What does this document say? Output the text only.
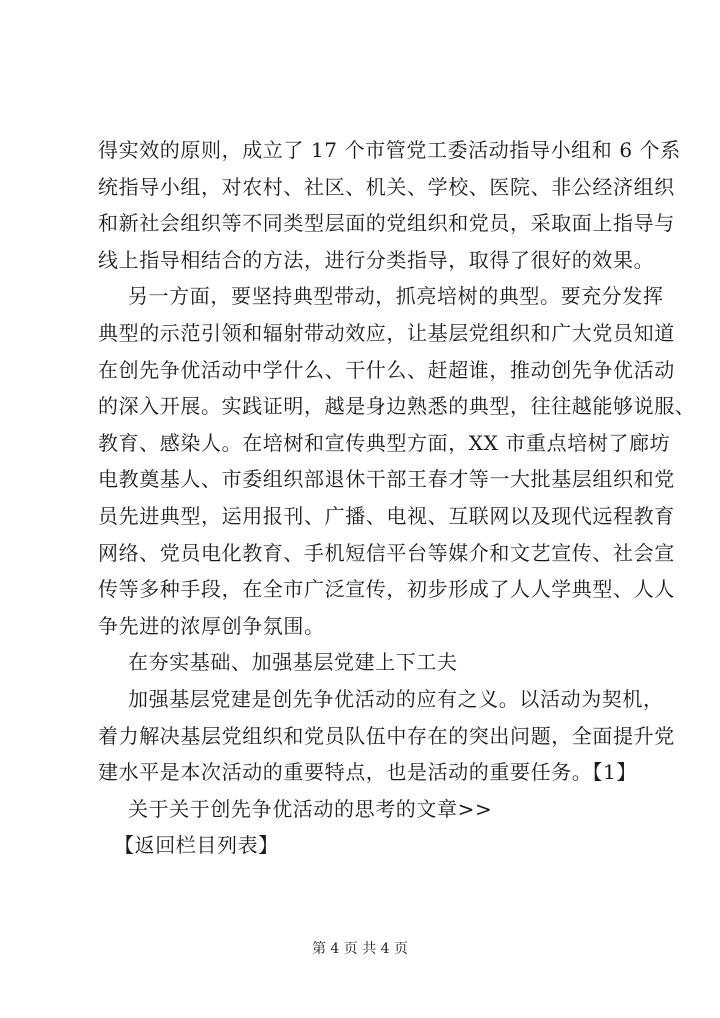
得实效的原则，成立了 17 个市管党工委活动指导小组和 6 个系
统指导小组，对农村、社区、机关、学校、医院、非公经济组织
和新社会组织等不同类型层面的党组织和党员，采取面上指导与
线上指导相结合的方法，进行分类指导，取得了很好的效果。
另一方面，要坚持典型带动，抓亮培树的典型。要充分发挥
典型的示范引领和辐射带动效应，让基层党组织和广大党员知道
在创先争优活动中学什么、干什么、赶超谁，推动创先争优活动
的深入开展。实践证明，越是身边熟悉的典型，往往越能够说服、
教育、感染人。在培树和宣传典型方面，XX 市重点培树了廊坊
电教奠基人、市委组织部退休干部王春才等一大批基层组织和党
员先进典型，运用报刊、广播、电视、互联网以及现代远程教育
网络、党员电化教育、手机短信平台等媒介和文艺宣传、社会宣
传等多种手段，在全市广泛宣传，初步形成了人人学典型、人人
争先进的浓厚创争氛围。
在夯实基础、加强基层党建上下工夫
加强基层党建是创先争优活动的应有之义。以活动为契机，
着力解决基层党组织和党员队伍中存在的突出问题，全面提升党
建水平是本次活动的重要特点，也是活动的重要任务。【1】
关于关于创先争优活动的思考的文章>>
【返回栏目列表】
第 4 页 共 4 页
